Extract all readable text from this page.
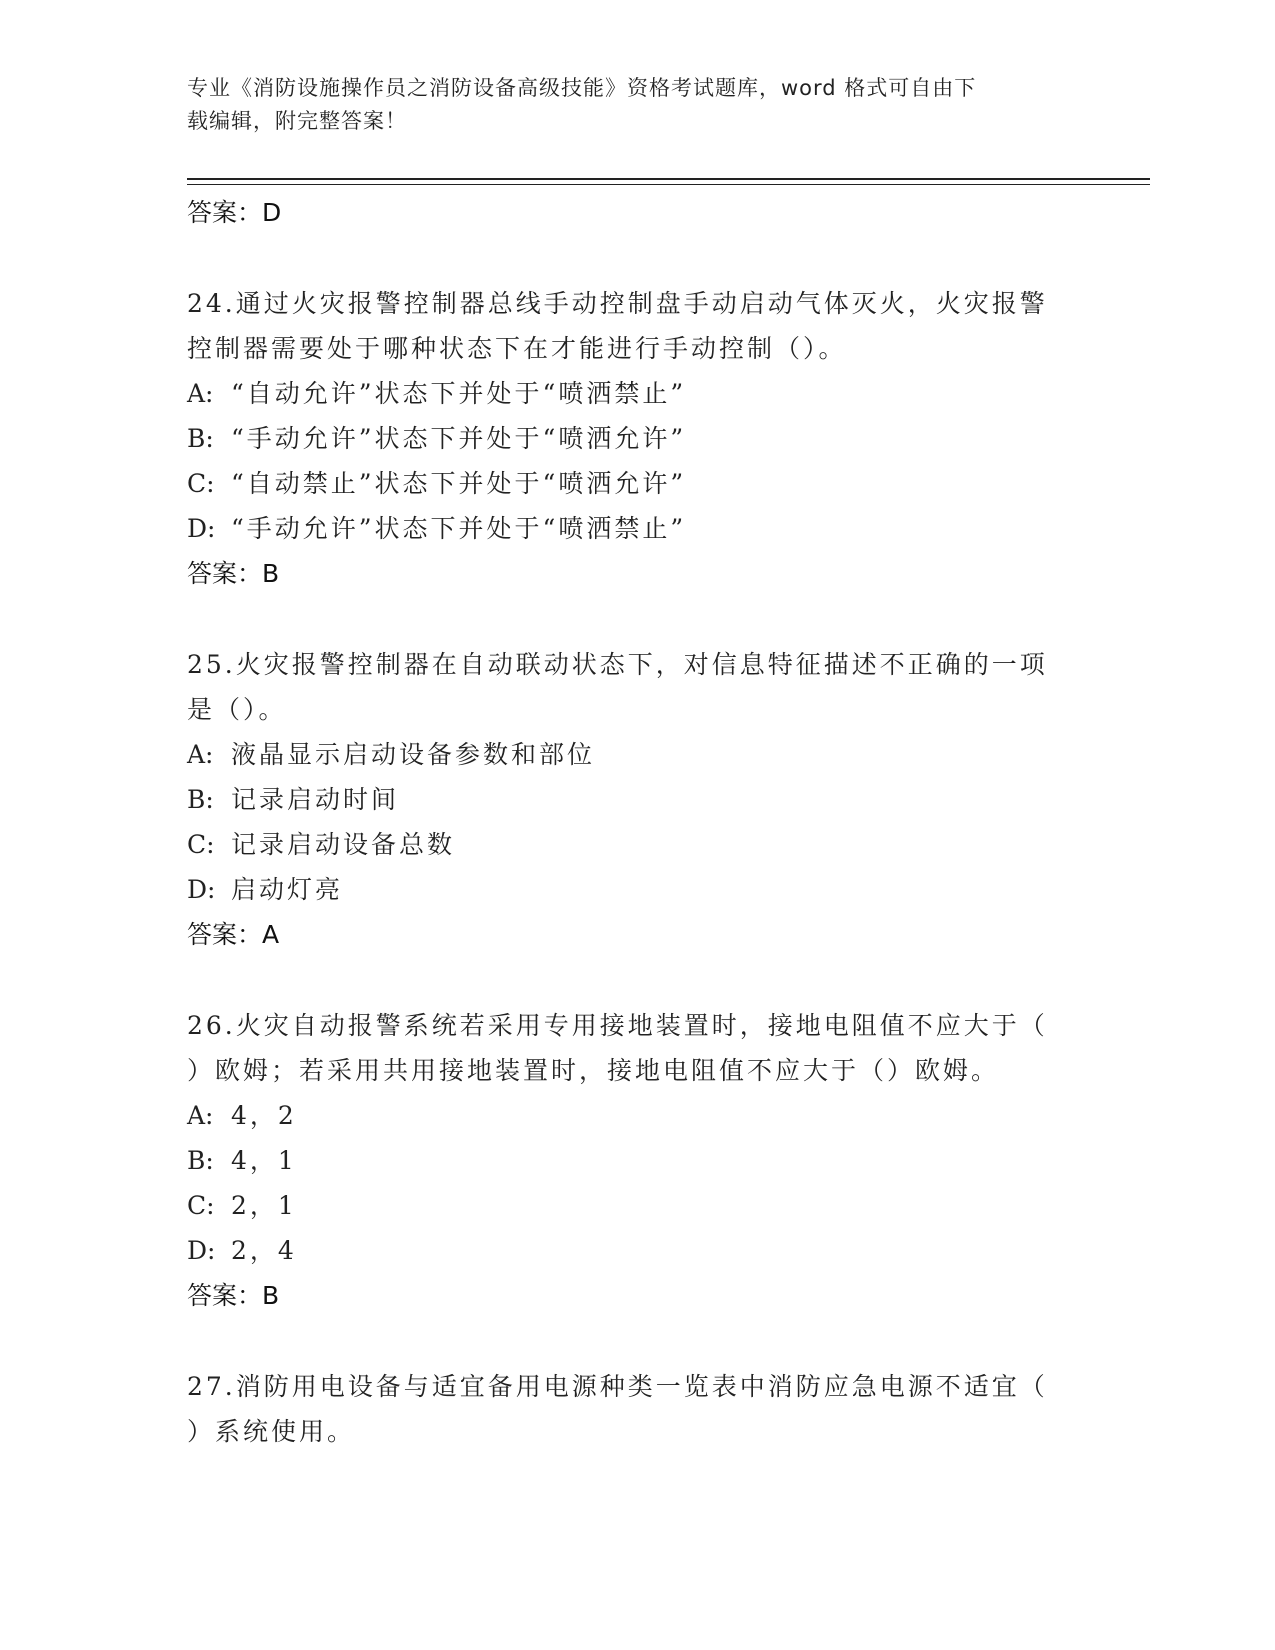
专业《消防设施操作员之消防设备高级技能》资格考试题库，word 格式可自由下
载编辑，附完整答案！
答案：D
24.通过火灾报警控制器总线手动控制盘手动启动气体灭火，火灾报警
控制器需要处于哪种状态下在才能进行手动控制（）。
A: “自动允许”状态下并处于“喷洒禁止”
B: “手动允许”状态下并处于“喷洒允许”
C: “自动禁止”状态下并处于“喷洒允许”
D: “手动允许”状态下并处于“喷洒禁止”
答案：B
25.火灾报警控制器在自动联动状态下，对信息特征描述不正确的一项
是（）。
A: 液晶显示启动设备参数和部位
B: 记录启动时间
C: 记录启动设备总数
D: 启动灯亮
答案：A
26.火灾自动报警系统若采用专用接地装置时，接地电阻值不应大于（
）欧姆；若采用共用接地装置时，接地电阻值不应大于（）欧姆。
A: 4，2
B: 4，1
C: 2，1
D: 2，4
答案：B
27.消防用电设备与适宜备用电源种类一览表中消防应急电源不适宜（
）系统使用。
